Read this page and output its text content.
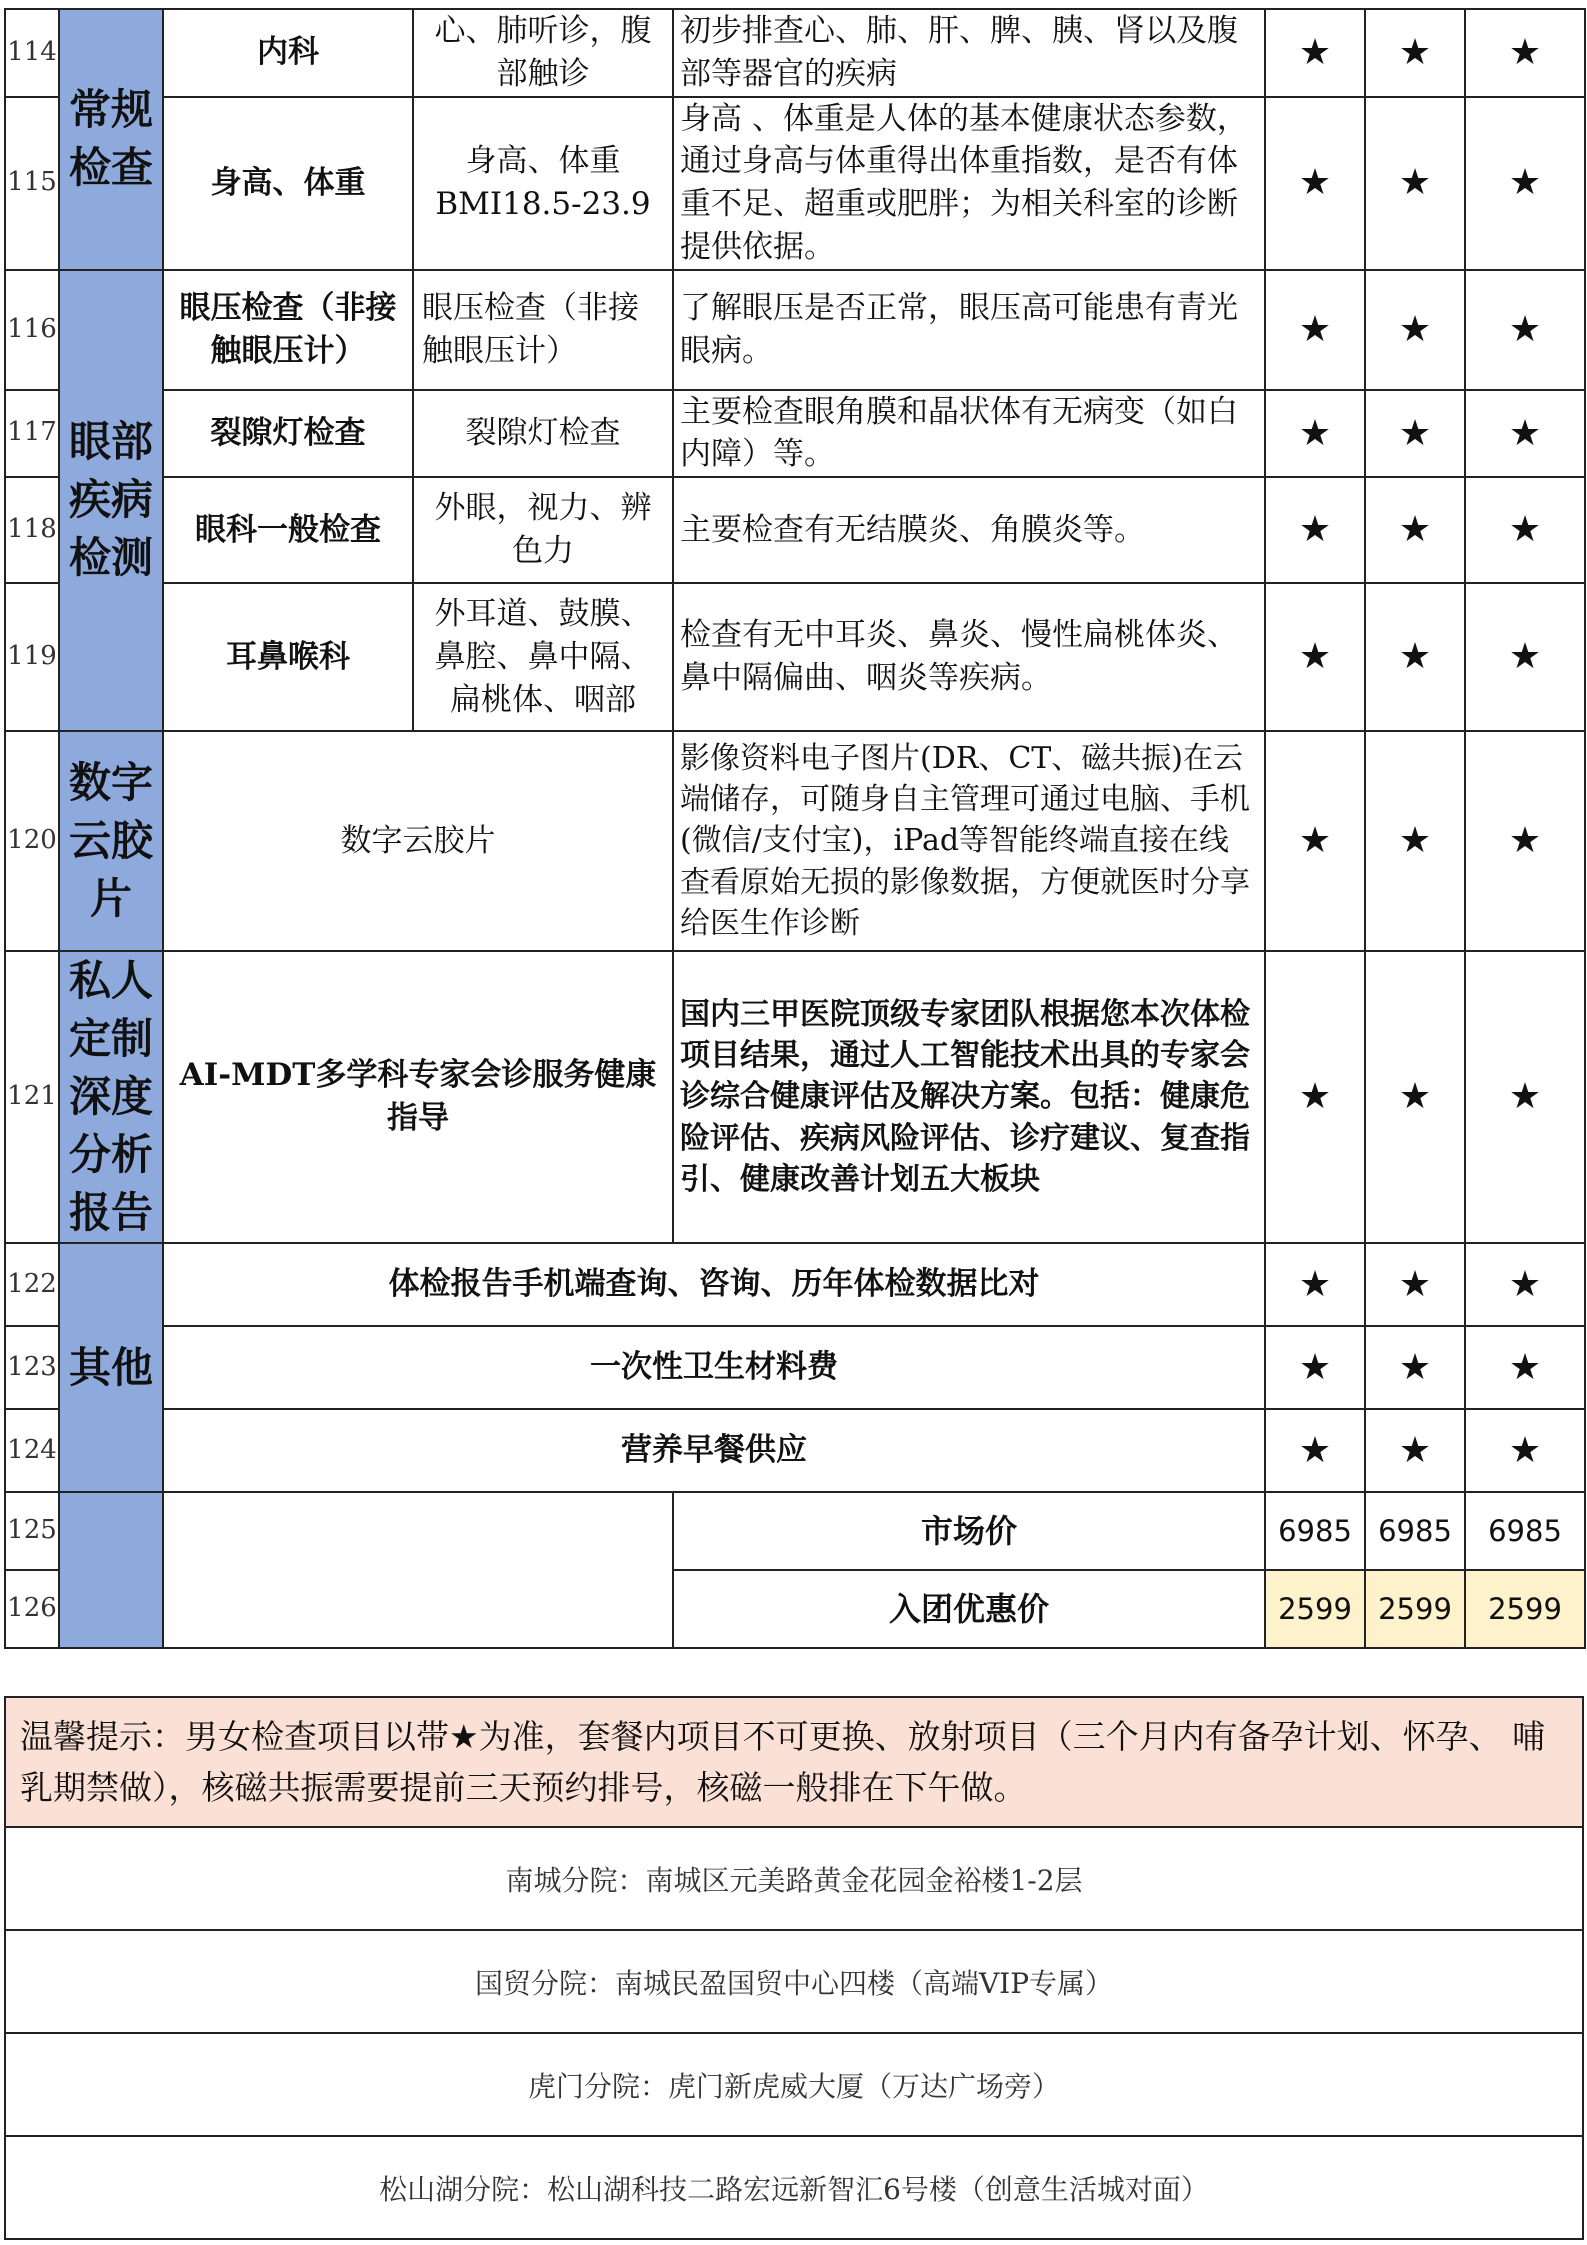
114	常规检查	内科	心、肺听诊，腹部触诊	初步排查心、肺、肝、脾、胰、肾以及腹部等器官的疾病	★	★	★
115		身高、体重	身高、体重BMI18.5-23.9	身高 、体重是人体的基本健康状态参数，通过身高与体重得出体重指数，是否有体重不足、超重或肥胖；为相关科室的诊断提供依据。	★	★	★
116	眼部疾病检测	眼压检查（非接触眼压计）	眼压检查（非接触眼压计）	了解眼压是否正常，眼压高可能患有青光眼病。	★	★	★
117		裂隙灯检查	裂隙灯检查	主要检查眼角膜和晶状体有无病变（如白内障）等。	★	★	★
118		眼科一般检查	外眼，视力、辨色力	主要检查有无结膜炎、角膜炎等。	★	★	★
119		耳鼻喉科	外耳道、鼓膜、鼻腔、鼻中隔、扁桃体、咽部	检查有无中耳炎、鼻炎、慢性扁桃体炎、鼻中隔偏曲、咽炎等疾病。	★	★	★
120	数字云胶片	数字云胶片		影像资料电子图片(DR、CT、磁共振)在云端储存，可随身自主管理可通过电脑、手机(微信/支付宝)，iPad等智能终端直接在线查看原始无损的影像数据，方便就医时分享给医生作诊断	★	★	★
121	私人定制深度分析报告	AI-MDT多学科专家会诊服务健康指导		国内三甲医院顶级专家团队根据您本次体检项目结果，通过人工智能技术出具的专家会诊综合健康评估及解决方案。包括：健康危险评估、疾病风险评估、诊疗建议、复查指引、健康改善计划五大板块	★	★	★
122	其他	体检报告手机端查询、咨询、历年体检数据比对			★	★	★
123		一次性卫生材料费			★	★	★
124		营养早餐供应			★	★	★
125				市场价	6985	6985	6985
126				入团优惠价	2599	2599	2599
温馨提示：男女检查项目以带★为准，套餐内项目不可更换、放射项目（三个月内有备孕计划、怀孕、 哺乳期禁做），核磁共振需要提前三天预约排号，核磁一般排在下午做。
南城分院：南城区元美路黄金花园金裕楼1-2层
国贸分院：南城民盈国贸中心四楼（高端VIP专属）
虎门分院：虎门新虎威大厦（万达广场旁）
松山湖分院：松山湖科技二路宏远新智汇6号楼（创意生活城对面）
